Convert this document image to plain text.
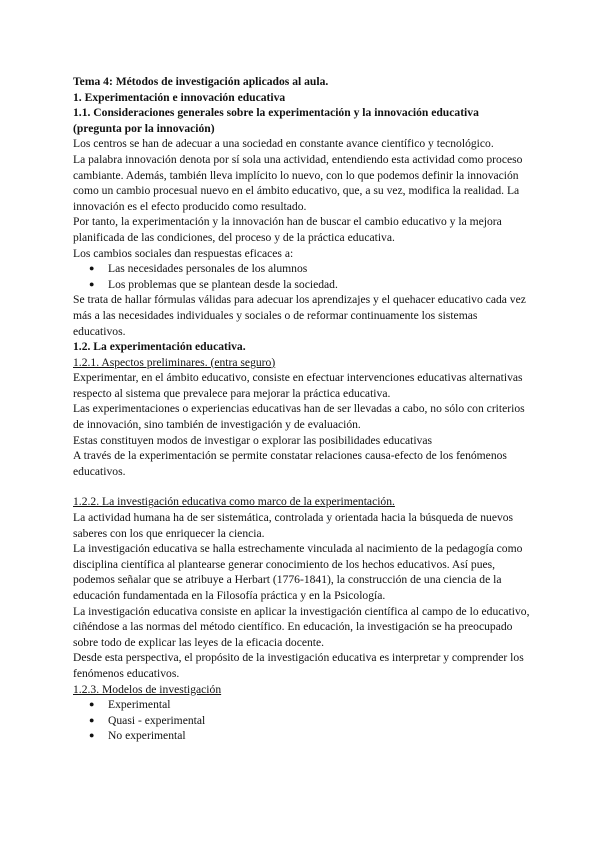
Tema 4: Métodos de investigación aplicados al aula.

1. Experimentación e innovación educativa

1.1. Consideraciones generales sobre la experimentación y la innovación educativa (pregunta por la innovación)

Los centros se han de adecuar a una sociedad en constante avance científico y tecnológico.

La palabra innovación denota por sí sola una actividad, entendiendo esta actividad como proceso cambiante. Además, también lleva implícito lo nuevo, con lo que podemos definir la innovación como un cambio procesual nuevo en el ámbito educativo, que, a su vez, modifica la realidad. La innovación es el efecto producido como resultado.

Por tanto, la experimentación y la innovación han de buscar el cambio educativo y la mejora planificada de las condiciones, del proceso y de la práctica educativa.

Los cambios sociales dan respuestas eficaces a:

● Las necesidades personales de los alumnos
● Los problemas que se plantean desde la sociedad.

Se trata de hallar fórmulas válidas para adecuar los aprendizajes y el quehacer educativo cada vez más a las necesidades individuales y sociales o de reformar continuamente los sistemas educativos.

1.2. La experimentación educativa.

1.2.1. Aspectos preliminares. (entra seguro)

Experimentar, en el ámbito educativo, consiste en efectuar intervenciones educativas alternativas respecto al sistema que prevalece para mejorar la práctica educativa.

Las experimentaciones o experiencias educativas han de ser llevadas a cabo, no sólo con criterios de innovación, sino también de investigación y de evaluación.

Estas constituyen modos de investigar o explorar las posibilidades educativas

A través de la experimentación se permite constatar relaciones causa-efecto de los fenómenos educativos.

1.2.2. La investigación educativa como marco de la experimentación.

La actividad humana ha de ser sistemática, controlada y orientada hacia la búsqueda de nuevos saberes con los que enriquecer la ciencia.

La investigación educativa se halla estrechamente vinculada al nacimiento de la pedagogía como disciplina científica al plantearse generar conocimiento de los hechos educativos. Así pues, podemos señalar que se atribuye a Herbart (1776-1841), la construcción de una ciencia de la educación fundamentada en la Filosofía práctica y en la Psicología.

La investigación educativa consiste en aplicar la investigación científica al campo de lo educativo, ciñéndose a las normas del método científico. En educación, la investigación se ha preocupado sobre todo de explicar las leyes de la eficacia docente.

Desde esta perspectiva, el propósito de la investigación educativa es interpretar y comprender los fenómenos educativos.

1.2.3. Modelos de investigación

● Experimental
● Quasi - experimental
● No experimental
